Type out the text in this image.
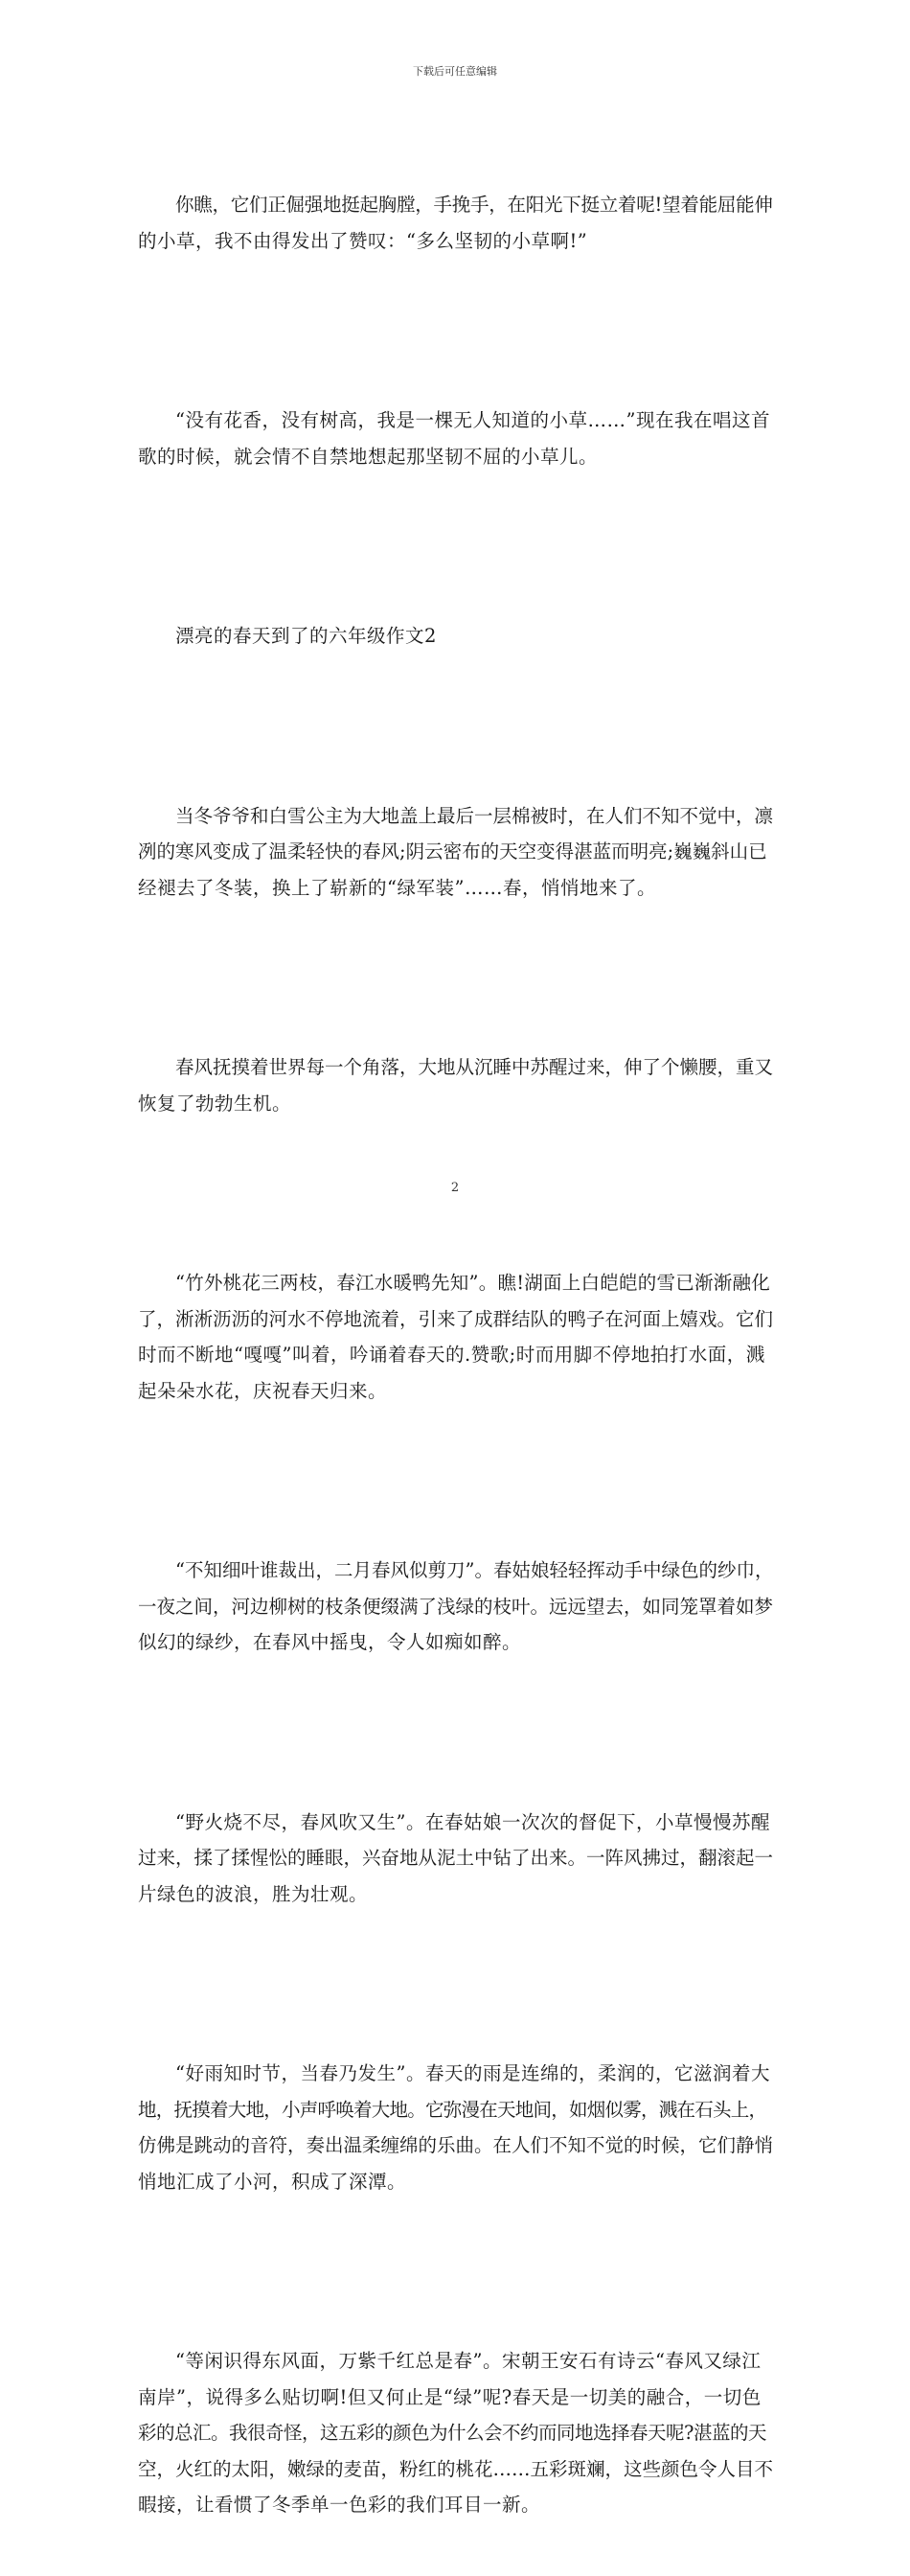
下载后可任意编辑

你瞧，它们正倔强地挺起胸膛，手挽手，在阳光下挺立着呢!望着能屈能伸
的小草，我不由得发出了赞叹：“多么坚韧的小草啊!”

“没有花香，没有树高，我是一棵无人知道的小草……”现在我在唱这首
歌的时候，就会情不自禁地想起那坚韧不屈的小草儿。

漂亮的春天到了的六年级作文2

当冬爷爷和白雪公主为大地盖上最后一层棉被时，在人们不知不觉中，凛
冽的寒风变成了温柔轻快的春风;阴云密布的天空变得湛蓝而明亮;巍巍斜山已
经褪去了冬装，换上了崭新的“绿军装”……春，悄悄地来了。

春风抚摸着世界每一个角落，大地从沉睡中苏醒过来，伸了个懒腰，重又
恢复了勃勃生机。

“竹外桃花三两枝，春江水暖鸭先知”。瞧!湖面上白皑皑的雪已渐渐融化
了，淅淅沥沥的河水不停地流着，引来了成群结队的鸭子在河面上嬉戏。它们
时而不断地“嘎嘎”叫着，吟诵着春天的.赞歌;时而用脚不停地拍打水面，溅
起朵朵水花，庆祝春天归来。

“不知细叶谁裁出，二月春风似剪刀”。春姑娘轻轻挥动手中绿色的纱巾，
一夜之间，河边柳树的枝条便缀满了浅绿的枝叶。远远望去，如同笼罩着如梦
似幻的绿纱，在春风中摇曳，令人如痴如醉。

“野火烧不尽，春风吹又生”。在春姑娘一次次的督促下，小草慢慢苏醒
过来，揉了揉惺忪的睡眼，兴奋地从泥土中钻了出来。一阵风拂过，翻滚起一
片绿色的波浪，胜为壮观。

“好雨知时节，当春乃发生”。春天的雨是连绵的，柔润的，它滋润着大
地，抚摸着大地，小声呼唤着大地。它弥漫在天地间，如烟似雾，溅在石头上，
仿佛是跳动的音符，奏出温柔缠绵的乐曲。在人们不知不觉的时候，它们静悄
悄地汇成了小河，积成了深潭。

“等闲识得东风面，万紫千红总是春”。宋朝王安石有诗云“春风又绿江
南岸”，说得多么贴切啊!但又何止是“绿”呢?春天是一切美的融合，一切色
彩的总汇。我很奇怪，这五彩的颜色为什么会不约而同地选择春天呢?湛蓝的天
空，火红的太阳，嫩绿的麦苗，粉红的桃花……五彩斑斓，这些颜色令人目不
暇接，让看惯了冬季单一色彩的我们耳目一新。

2
